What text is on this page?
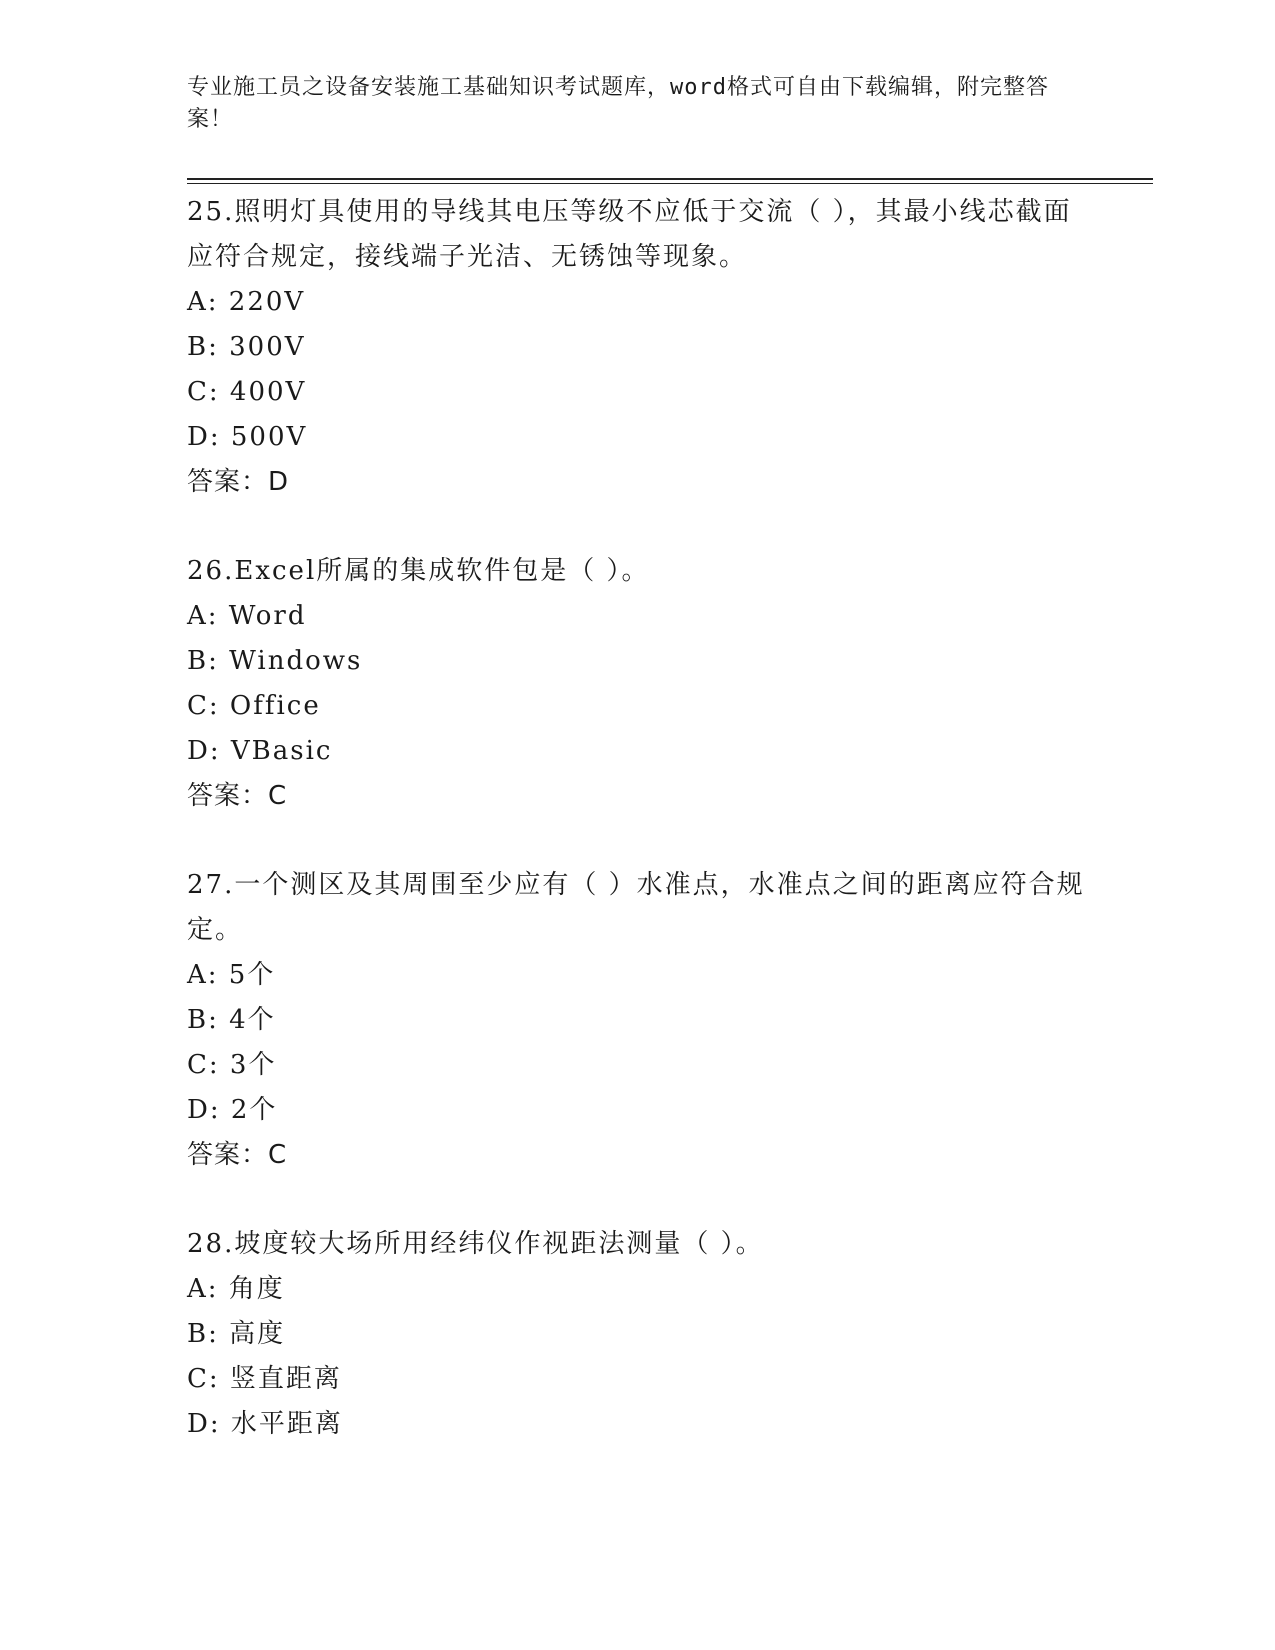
专业施工员之设备安装施工基础知识考试题库，word格式可自由下载编辑，附完整答案！

25.照明灯具使用的导线其电压等级不应低于交流（ ），其最小线芯截面应符合规定，接线端子光洁、无锈蚀等现象。

A: 220V

B: 300V

C: 400V

D: 500V

答案：D

26.Excel所属的集成软件包是（ ）。

A: Word

B: Windows

C: Office

D: VBasic

答案：C

27.一个测区及其周围至少应有（ ）水准点，水准点之间的距离应符合规定。

A: 5个

B: 4个

C: 3个

D: 2个

答案：C

28.坡度较大场所用经纬仪作视距法测量（ ）。

A: 角度

B: 高度

C: 竖直距离

D: 水平距离
